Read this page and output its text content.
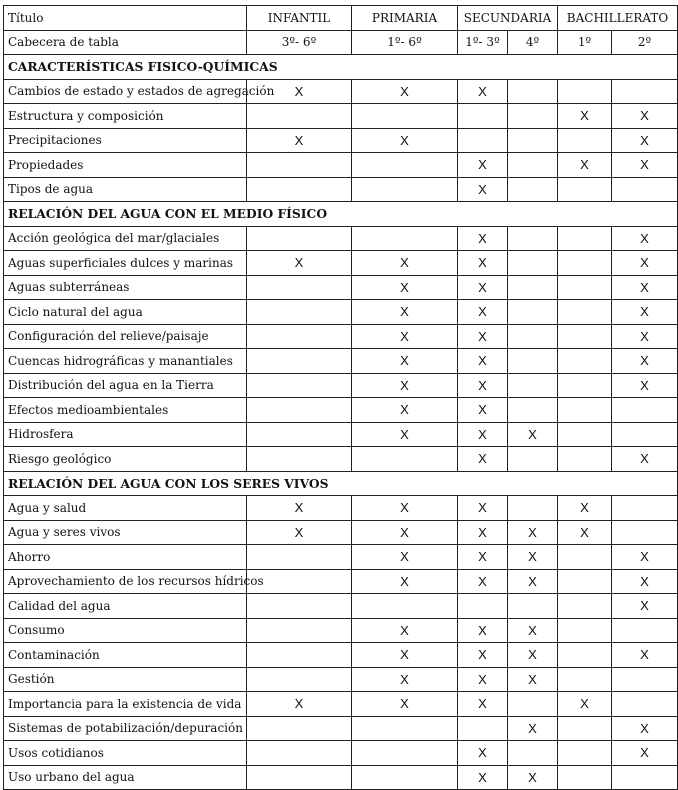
Título	INFANTIL	PRIMARIA	SECUNDARIA		BACHILLERATO	
Cabecera de tabla	3º- 6º	1º- 6º	1º- 3º	4º	1º	2º
CARACTERÍSTICAS FISICO-QUÍMICAS						
Cambios de estado y estados de agregación	X	X	X			
Estructura y composición					X	X
Precipitaciones	X	X				X
Propiedades			X		X	X
Tipos de agua			X			
RELACIÓN DEL AGUA CON EL MEDIO FÍSICO						
Acción geológica del mar/glaciales			X			X
Aguas superficiales dulces y marinas	X	X	X			X
Aguas subterráneas		X	X			X
Ciclo natural del agua		X	X			X
Configuración del relieve/paisaje		X	X			X
Cuencas hidrográficas y manantiales		X	X			X
Distribución del agua en la Tierra		X	X			X
Efectos medioambientales		X	X			
Hidrosfera		X	X	X		
Riesgo geológico			X			X
RELACIÓN DEL AGUA CON LOS SERES VIVOS						
Agua y salud	X	X	X		X	
Agua y seres vivos	X	X	X	X	X	
Ahorro		X	X	X		X
Aprovechamiento de los recursos hídricos		X	X	X		X
Calidad del agua						X
Consumo		X	X	X		
Contaminación		X	X	X		X
Gestión		X	X	X		
Importancia para la existencia de vida	X	X	X		X	
Sistemas de potabilización/depuración				X		X
Usos cotidianos			X			X
Uso urbano del agua			X	X		
